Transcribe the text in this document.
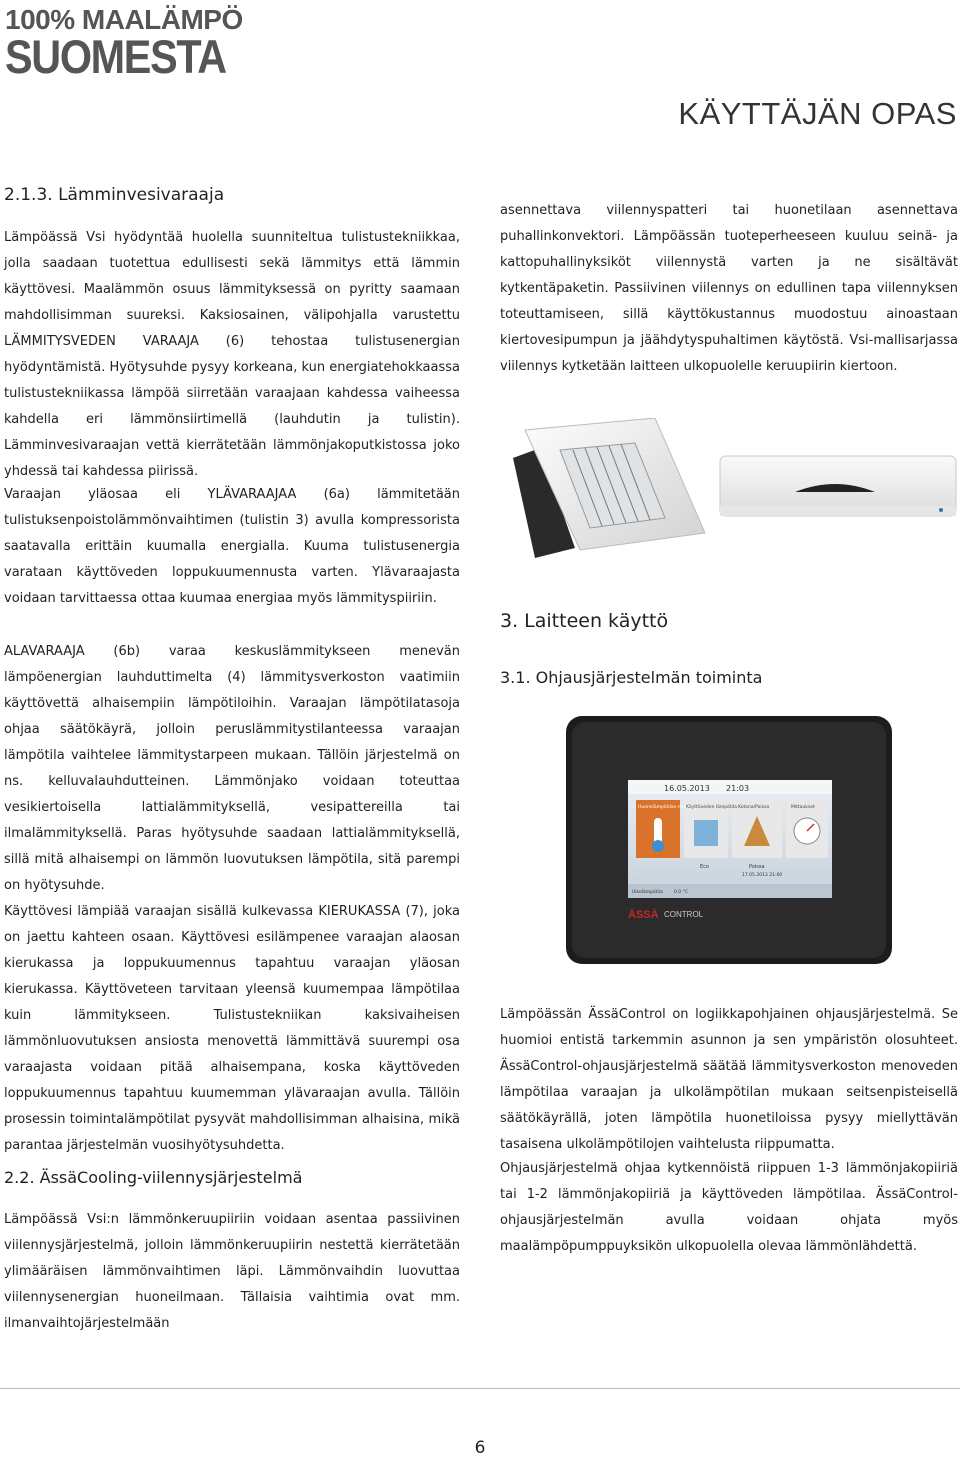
100% MAALÄMPÖ
SUOMESTA
KÄYTTÄJÄN OPAS
2.1.3. Lämminvesivaraaja

Lämpöässä Vsi hyödyntää huolella suunniteltua tulistustekniikkaa, jolla saadaan tuotettua edullisesti sekä lämmitys että lämmin käyttövesi. Maalämmön osuus lämmityksessä on pyritty saamaan mahdollisimman suureksi. Kaksiosainen, välipohjalla varustettu LÄMMITYSVEDEN VARAAJA (6) tehostaa tulistusenergian hyödyntämistä. Hyötysuhde pysyy korkeana, kun energiatehokkaassa tulistustekniikassa lämpöä siirretään varaajaan kahdessa vaiheessa kahdella eri lämmönsiirtimellä (lauhdutin ja tulistin). Lämminvesivaraajan vettä kierrätetään lämmönjakoputkistossa joko yhdessä tai kahdessa piirissä.

Varaajan yläosaa eli YLÄVARAAJAA (6a) lämmitetään tulistuksenpoistolämmönvaihtimen (tulistin 3) avulla kompressorista saatavalla erittäin kuumalla energialla. Kuuma tulistusenergia varataan käyttöveden loppukuumennusta varten. Ylävaraajasta voidaan tarvittaessa ottaa kuumaa energiaa myös lämmityspiiriin.

ALAVARAAJA (6b) varaa keskuslämmitykseen menevän lämpöenergian lauhduttimelta (4) lämmitysverkoston vaatimiin käyttövettä alhaisempiin lämpötiloihin. Varaajan lämpötilatasoja ohjaa säätökäyrä, jolloin peruslämmitystilanteessa varaajan lämpötila vaihtelee lämmitystarpeen mukaan. Tällöin järjestelmä on ns. kelluvalauhdutteinen. Lämmönjako voidaan toteuttaa vesikiertoisella lattialämmityksellä, vesipattereilla tai ilmalämmityksellä. Paras hyötysuhde saadaan lattialämmityksellä, sillä mitä alhaisempi on lämmön luovutuksen lämpötila, sitä parempi on hyötysuhde.

Käyttövesi lämpiää varaajan sisällä kulkevassa KIERUKASSA (7), joka on jaettu kahteen osaan. Käyttövesi esilämpenee varaajan alaosan kierukassa ja loppukuumennus tapahtuu varaajan yläosan kierukassa. Käyttöveteen tarvitaan yleensä kuumempaa lämpötilaa kuin lämmitykseen. Tulistustekniikan kaksivaiheisen lämmönluovutuksen ansiosta menovettä lämmittävä suurempi osa varaajasta voidaan pitää alhaisempana, koska käyttöveden loppukuumennus tapahtuu kuumemman ylävaraajan avulla. Tällöin prosessin toimintalämpötilat pysyvät mahdollisimman alhaisina, mikä parantaa järjestelmän vuosihyötysuhdetta.

2.2. ÄssäCooling-viilennysjärjestelmä

Lämpöässä Vsi:n lämmönkeruupiiriin voidaan asentaa passiivinen viilennysjärjestelmä, jolloin lämmönkeruupiirin nestettä kierrätetään ylimääräisen lämmönvaihtimen läpi. Lämmönvaihdin luovuttaa viilennysenergian huoneilmaan. Tällaisia vaihtimia ovat mm. ilmanvaihtojärjestelmään

asennettava viilennyspatteri tai huonetilaan asennettava puhallinkonvektori. Lämpöässän tuoteperheeseen kuuluu seinä- ja kattopuhallinyksiköt viilennystä varten ja ne sisältävät kytkentäpaketin. Passiivinen viilennys on edullinen tapa viilennyksen toteuttamiseen, sillä käyttökustannus muodostuu ainoastaan kiertovesipumpun ja jäähdytyspuhaltimen käytöstä. Vsi-mallisarjassa viilennys kytketään laitteen ulkopuolelle keruupiirin kiertoon.

3. Laitteen käyttö
3.1. Ohjausjärjestelmän toiminta
16.05.2013 21:03
Huonelämpötilan muutos
Käyttöveden lämpötila Kotona/Poissa	Mittaukset
Eco	Poissa
17.05.2013 21:00
Ulkolämpötila 0.0 °C
ÄSSÄ CONTROL

Lämpöässän ÄssäControl on logiikkapohjainen ohjausjärjestelmä. Se huomioi entistä tarkemmin asunnon ja sen ympäristön olosuhteet. ÄssäControl-ohjausjärjestelmä säätää lämmitysverkoston menoveden lämpötilaa varaajan ja ulkolämpötilan mukaan seitsenpisteisellä säätökäyrällä, joten lämpötila huonetiloissa pysyy miellyttävän tasaisena ulkolämpötilojen vaihtelusta riippumatta.

Ohjausjärjestelmä ohjaa kytkennöistä riippuen 1-3 lämmönjakopiiriä tai 1-2 lämmönjakopiiriä ja käyttöveden lämpötilaa. ÄssäControl-ohjausjärjestelmän avulla voidaan ohjata myös maalämpöpumppuyksikön ulkopuolella olevaa lämmönlähdettä.

6
